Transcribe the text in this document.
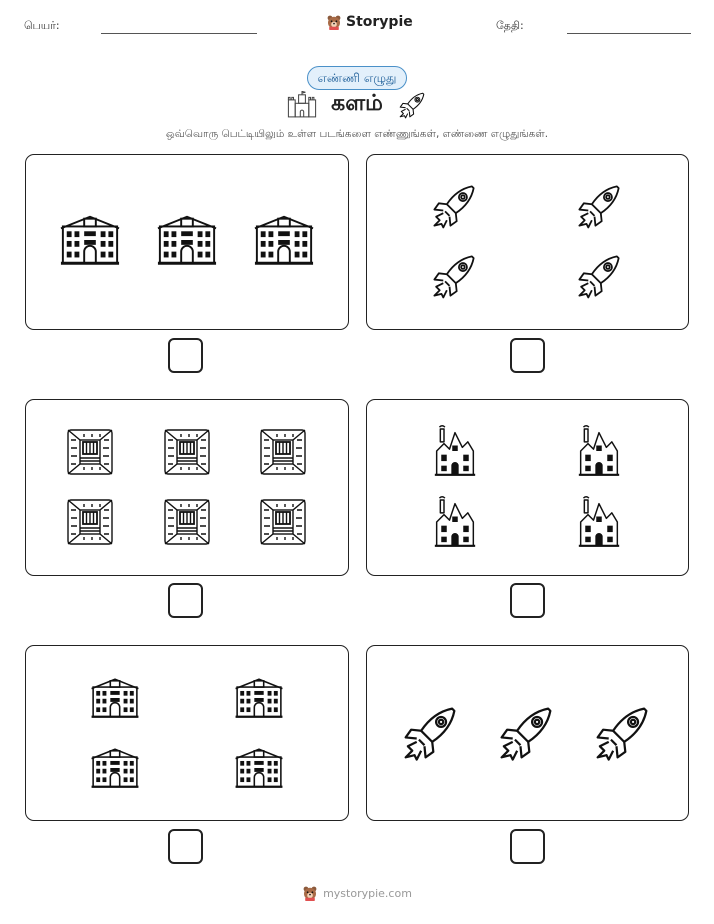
பெயர்:	Storypie	தேதி:
எண்ணி எழுது
களம்
ஒவ்வொரு பெட்டியிலும் உள்ள படங்களை எண்ணுங்கள், எண்ணை எழுதுங்கள்.
mystorypie.com
